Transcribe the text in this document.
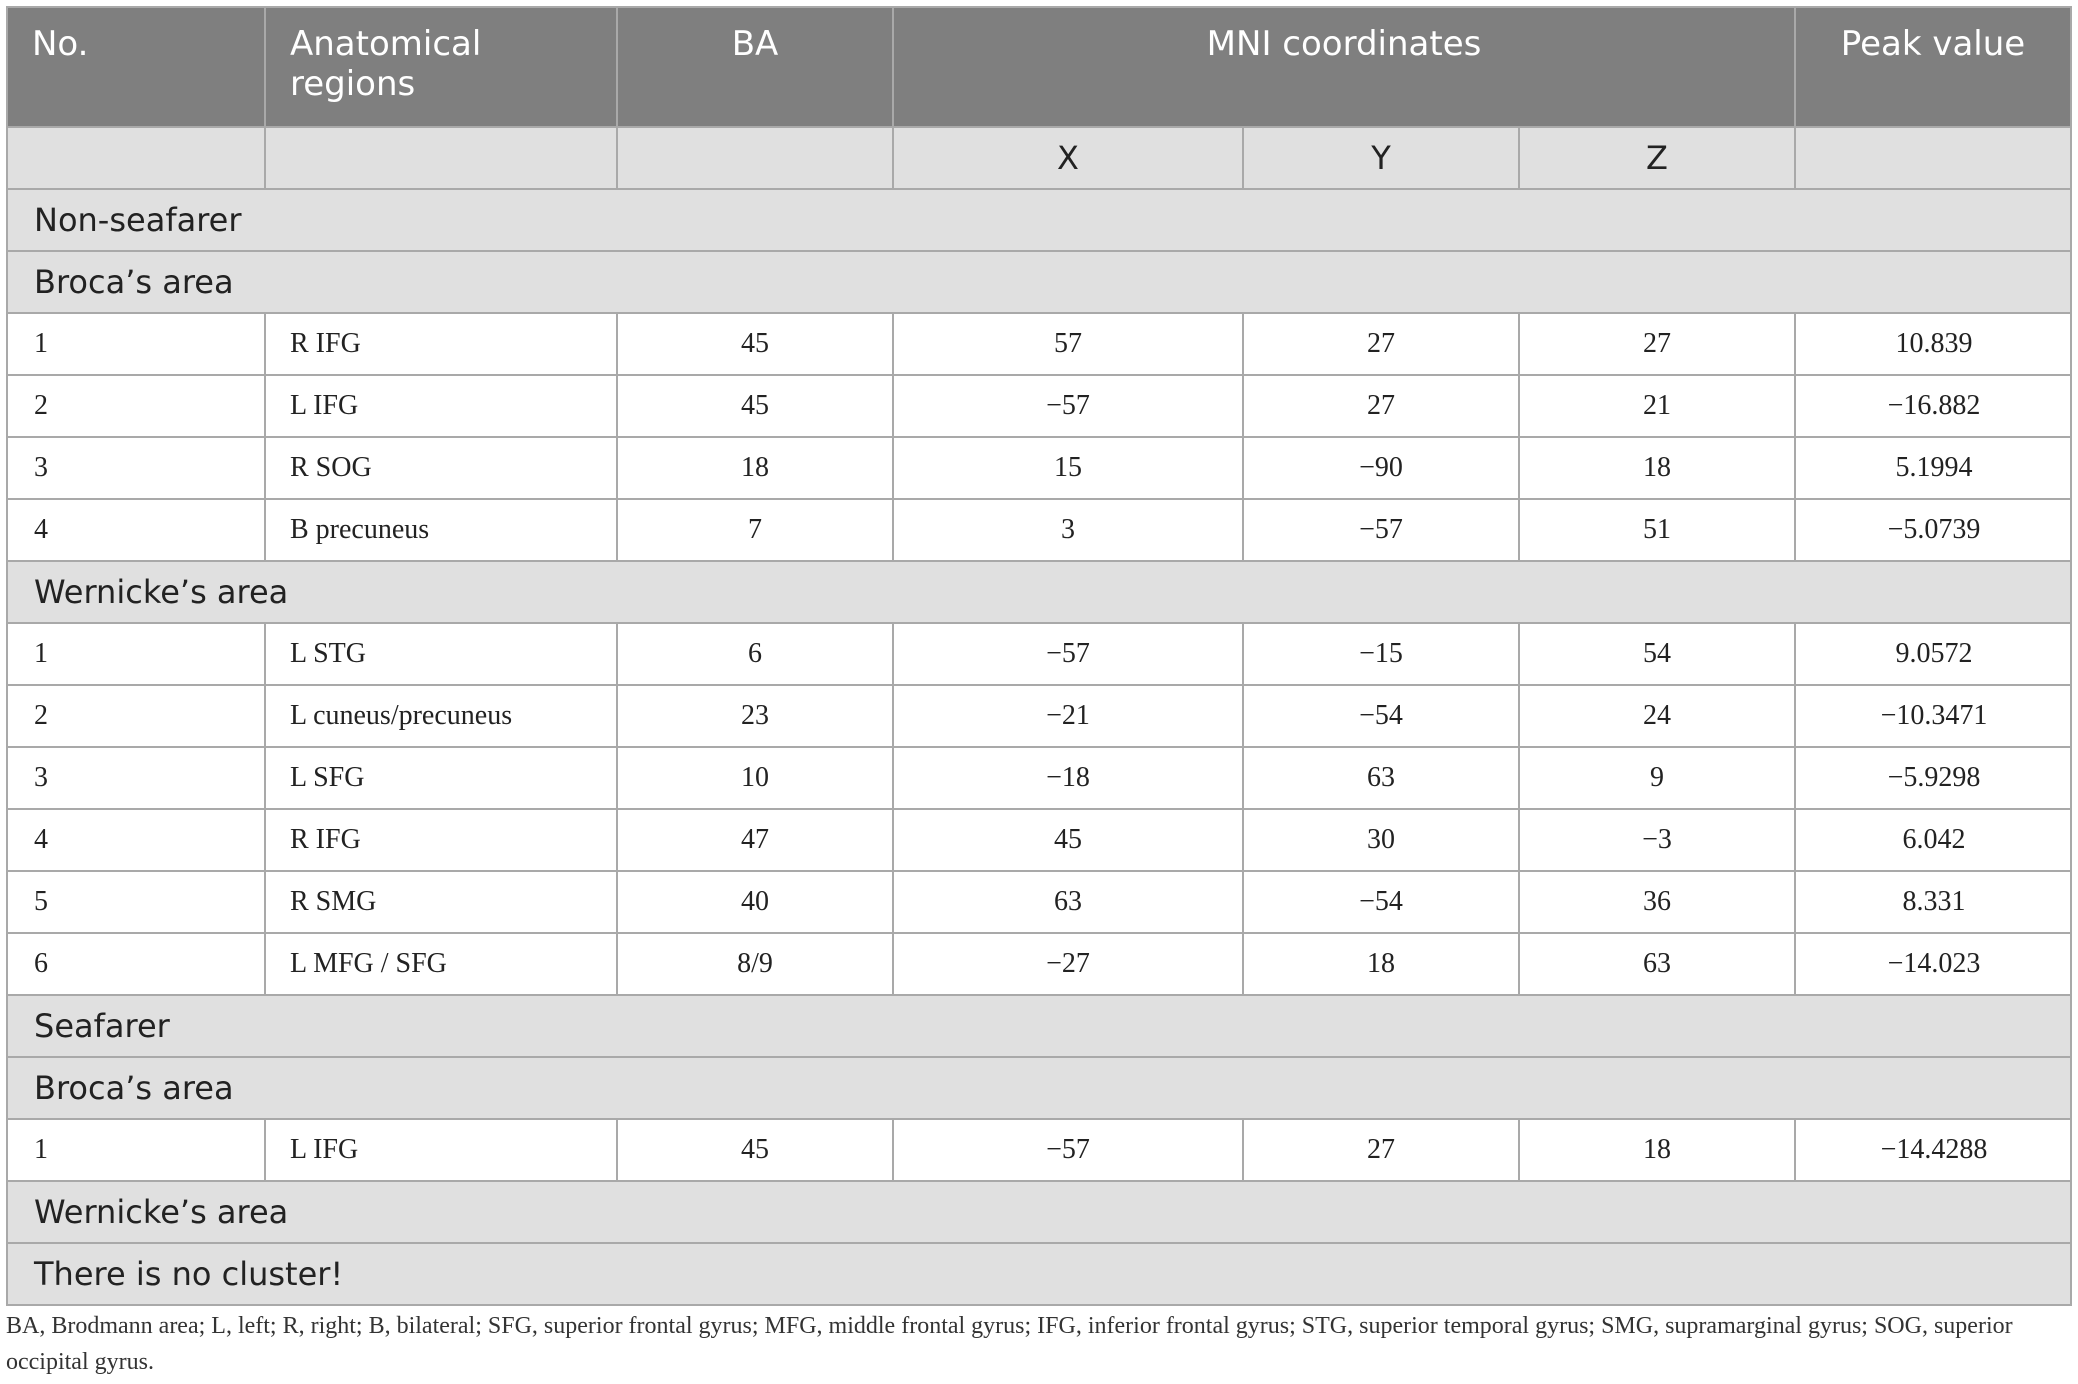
No.	Anatomical regions	BA	MNI coordinates			Peak value
			X	Y	Z	
Non-seafarer						
Broca’s area						
1	R IFG	45	57	27	27	10.839
2	L IFG	45	−57	27	21	−16.882
3	R SOG	18	15	−90	18	5.1994
4	B precuneus	7	3	−57	51	−5.0739
Wernicke’s area						
1	L STG	6	−57	−15	54	9.0572
2	L cuneus/precuneus	23	−21	−54	24	−10.3471
3	L SFG	10	−18	63	9	−5.9298
4	R IFG	47	45	30	−3	6.042
5	R SMG	40	63	−54	36	8.331
6	L MFG / SFG	8/9	−27	18	63	−14.023
Seafarer						
Broca’s area						
1	L IFG	45	−57	27	18	−14.4288
Wernicke’s area						
There is no cluster!						
BA, Brodmann area; L, left; R, right; B, bilateral; SFG, superior frontal gyrus; MFG, middle frontal gyrus; IFG, inferior frontal gyrus; STG, superior temporal gyrus; SMG, supramarginal gyrus; SOG, superior occipital gyrus.
